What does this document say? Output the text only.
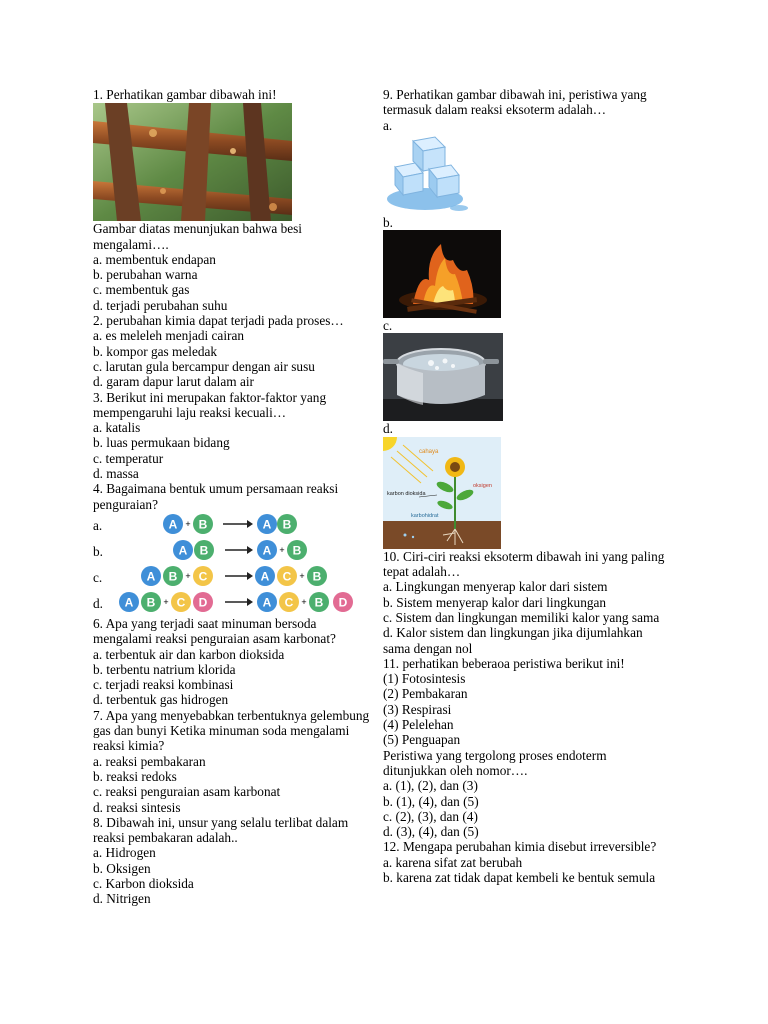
1. Perhatikan gambar dibawah ini!
Gambar diatas menunjukan bahwa besi mengalami….
a. membentuk endapan
b. perubahan warna
c. membentuk gas
d. terjadi perubahan suhu
2. perubahan kimia dapat terjadi pada proses…
a. es meleleh menjadi cairan
b. kompor gas meledak
c. larutan gula bercampur dengan air susu
d. garam dapur larut dalam air
3. Berikut ini merupakan faktor-faktor yang mempengaruhi laju reaksi kecuali…
a. katalis
b. luas permukaan bidang
c. temperatur
d. massa
4. Bagaimana bentuk umum persamaan reaksi penguraian?
a.	A + B	A B
b.	A B	A + B
c.	A B + C	A C + B
d. A B + C D	A C + B D
6. Apa yang terjadi saat minuman bersoda mengalami reaksi penguraian asam karbonat?
a. terbentuk air dan karbon dioksida
b. terbentu natrium klorida
c. terjadi reaksi kombinasi
d. terbentuk gas hidrogen
7. Apa yang menyebabkan terbentuknya gelembung gas dan bunyi Ketika minuman soda mengalami reaksi kimia?
a. reaksi pembakaran
b. reaksi redoks
c. reaksi penguraian asam karbonat
d. reaksi sintesis
8. Dibawah ini, unsur yang selalu terlibat dalam reaksi pembakaran adalah..
a. Hidrogen
b. Oksigen
c. Karbon dioksida
d. Nitrigen
9. Perhatikan gambar dibawah ini, peristiwa yang termasuk dalam reaksi eksoterm adalah…
a.
b.
c.
d.
cahaya
oksigen
karbon dioksida
karbohidrat
10. Ciri-ciri reaksi eksoterm dibawah ini yang paling tepat adalah…
a. Lingkungan menyerap kalor dari sistem
b. Sistem menyerap kalor dari lingkungan
c. Sistem dan lingkungan memiliki kalor yang sama
d. Kalor sistem dan lingkungan jika dijumlahkan sama dengan nol
11. perhatikan beberaoa peristiwa berikut ini!
(1) Fotosintesis
(2) Pembakaran
(3) Respirasi
(4) Pelelehan
(5) Penguapan
Peristiwa yang tergolong proses endoterm ditunjukkan oleh nomor….
a. (1), (2), dan (3)
b. (1), (4), dan (5)
c. (2), (3), dan (4)
d. (3), (4), dan (5)
12. Mengapa perubahan kimia disebut irreversible?
a. karena sifat zat berubah
b. karena zat tidak dapat kembeli ke bentuk semula
